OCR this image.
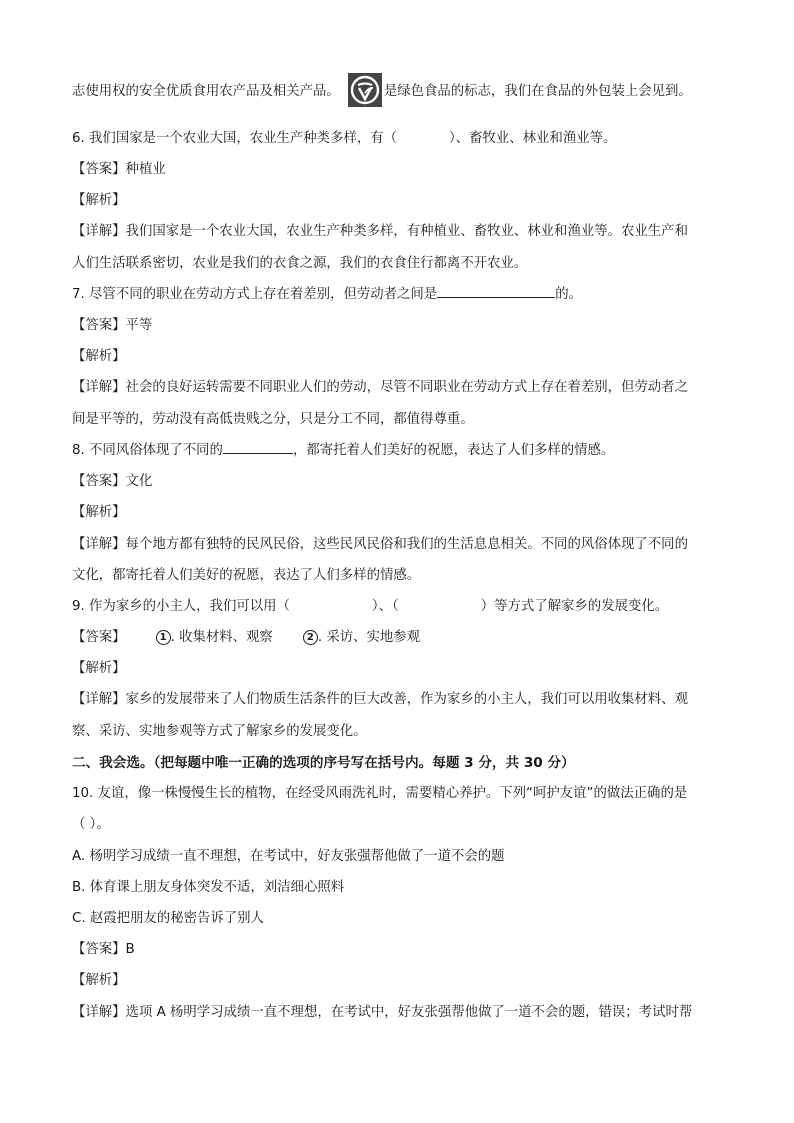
志使用权的安全优质食用农产品及相关产品。	是绿色食品的标志，我们在食品的外包装上会见到。
6. 我们国家是一个农业大国，农业生产种类多样，有（	）、畜牧业、林业和渔业等。
【答案】种植业
【解析】
【详解】我们国家是一个农业大国，农业生产种类多样，有种植业、畜牧业、林业和渔业等。农业生产和
人们生活联系密切，农业是我们的衣食之源，我们的衣食住行都离不开农业。
7. 尽管不同的职业在劳动方式上存在着差别，但劳动者之间是	的。
【答案】平等
【解析】
【详解】社会的良好运转需要不同职业人们的劳动，尽管不同职业在劳动方式上存在着差别，但劳动者之
间是平等的，劳动没有高低贵贱之分，只是分工不同，都值得尊重。
8. 不同风俗体现了不同的	，都寄托着人们美好的祝愿，表达了人们多样的情感。
【答案】文化
【解析】
【详解】每个地方都有独特的民风民俗，这些民风民俗和我们的生活息息相关。不同的风俗体现了不同的
文化，都寄托着人们美好的祝愿，表达了人们多样的情感。
9. 作为家乡的小主人，我们可以用（	）、（	）等方式了解家乡的发展变化。
【答案】	1 . 收集材料、观察	2 . 采访、实地参观
【解析】
【详解】家乡的发展带来了人们物质生活条件的巨大改善，作为家乡的小主人，我们可以用收集材料、观
察、采访、实地参观等方式了解家乡的发展变化。
二、我会选。（把每题中唯一正确的选项的序号写在括号内。每题 3 分，共 30 分）
10. 友谊，像一株慢慢生长的植物，在经受风雨洗礼时，需要精心养护。下列“呵护友谊”的做法正确的是
（ ）。
A. 杨明学习成绩一直不理想，在考试中，好友张强帮他做了一道不会的题
B. 体育课上朋友身体突发不适，刘洁细心照料
C. 赵霞把朋友的秘密告诉了别人
【答案】B
【解析】
【详解】选项 A 杨明学习成绩一直不理想，在考试中，好友张强帮他做了一道不会的题，错误；考试时帮
